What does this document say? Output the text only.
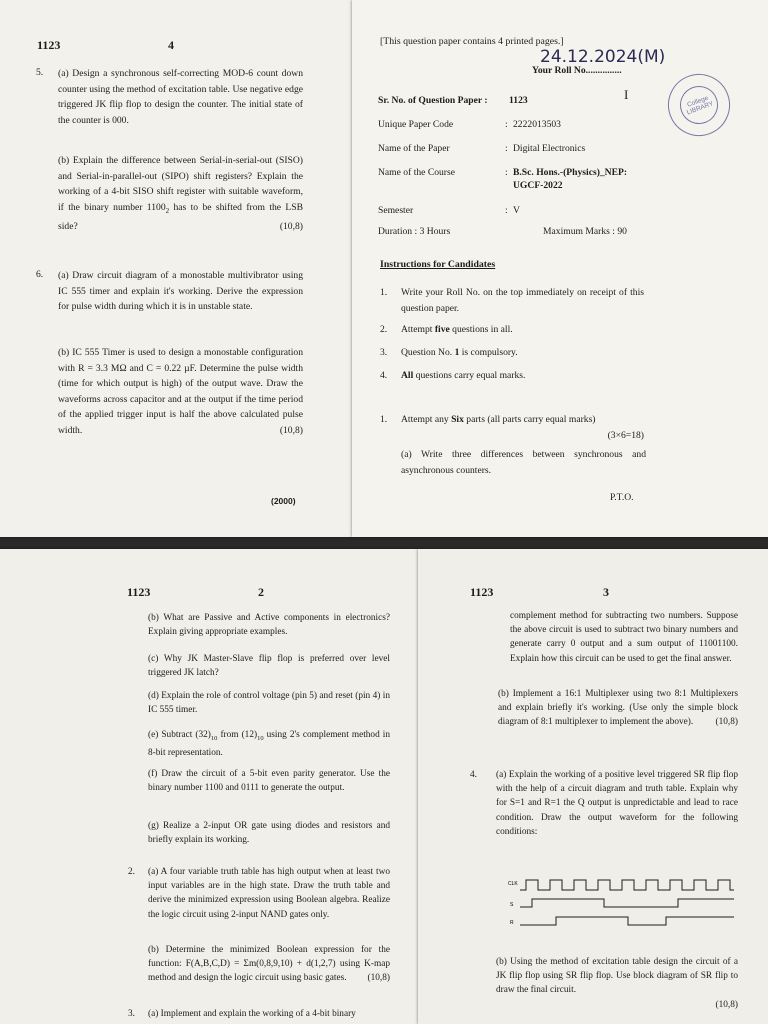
1123	4
5. (a) Design a synchronous self-correcting MOD-6 count down counter using the method of excitation table. Use negative edge triggered JK flip flop to design the counter. The initial state of the counter is 000.
(b) Explain the difference between Serial-in-serial-out (SISO) and Serial-in-parallel-out (SIPO) shift registers? Explain the working of a 4-bit SISO shift register with suitable waveform, if the binary number $1100_2$ has to be shifted from the LSB side?	(10,8)
6. (a) Draw circuit diagram of a monostable multivibrator using IC 555 timer and explain it's working. Derive the expression for pulse width during which it is in unstable state.
(b) IC 555 Timer is used to design a monostable configuration with R = 3.3 MΩ and C = 0.22 µF. Determine the pulse width (time for which output is high) of the output wave. Draw the waveforms across capacitor and at the output if the time period of the applied trigger input is half the above calculated pulse width.	(10,8)
(2000)
[This question paper contains 4 printed pages.]
24.12.2024(M)
Your Roll No...............
College LIBRARY
I
Sr. No. of Question Paper : 1123
Unique Paper Code	: 2222013503
Name of the Paper	: Digital Electronics
Name of the Course	: B.Sc. Hons.-(Physics)_NEP:
UGCF-2022
Semester	: V
Duration : 3 Hours	Maximum Marks : 90
Instructions for Candidates
1. Write your Roll No. on the top immediately on receipt of this question paper.
2. Attempt five questions in all.
3. Question No. 1 is compulsory.
4. All questions carry equal marks.
1. Attempt any Six parts (all parts carry equal marks)
(3×6=18)
(a) Write three differences between synchronous and asynchronous counters.
P.T.O.
1123	2
(b) What are Passive and Active components in electronics? Explain giving appropriate examples.
(c) Why JK Master-Slave flip flop is preferred over level triggered JK latch?
(d) Explain the role of control voltage (pin 5) and reset (pin 4) in IC 555 timer.
(e) Subtract $(32)_{10}$ from $(12)_{10}$ using 2's complement method in 8-bit representation.
(f) Draw the circuit of a 5-bit even parity generator. Use the binary number 1100 and 0111 to generate the output.
(g) Realize a 2-input OR gate using diodes and resistors and briefly explain its working.
2. (a) A four variable truth table has high output when at least two input variables are in the high state. Draw the truth table and derive the minimized expression using Boolean algebra. Realize the logic circuit using 2-input NAND gates only.
(b) Determine the minimized Boolean expression for the function: F(A,B,C,D) = Σm(0,8,9,10) + d(1,2,7) using K-map method and design the logic circuit using basic gates.	(10,8)
3. (a) Implement and explain the working of a 4-bit binary
1123	3
complement method for subtracting two numbers. Suppose the above circuit is used to subtract two binary numbers and generate carry 0 output and a sum output of 11001100. Explain how this circuit can be used to get the final answer.
(b) Implement a 16:1 Multiplexer using two 8:1 Multiplexers and explain briefly it's working. (Use only the simple block diagram of 8:1 multiplexer to implement the above).	(10,8)
4. (a) Explain the working of a positive level triggered SR flip flop with the help of a circuit diagram and truth table. Explain why for S=1 and R=1 the Q output is unpredictable and lead to race condition. Draw the output waveform for the following conditions:
CLK
S
R
(b) Using the method of excitation table design the circuit of a JK flip flop using SR flip flop. Use block diagram of SR flip to draw the final circuit.
(10,8)
